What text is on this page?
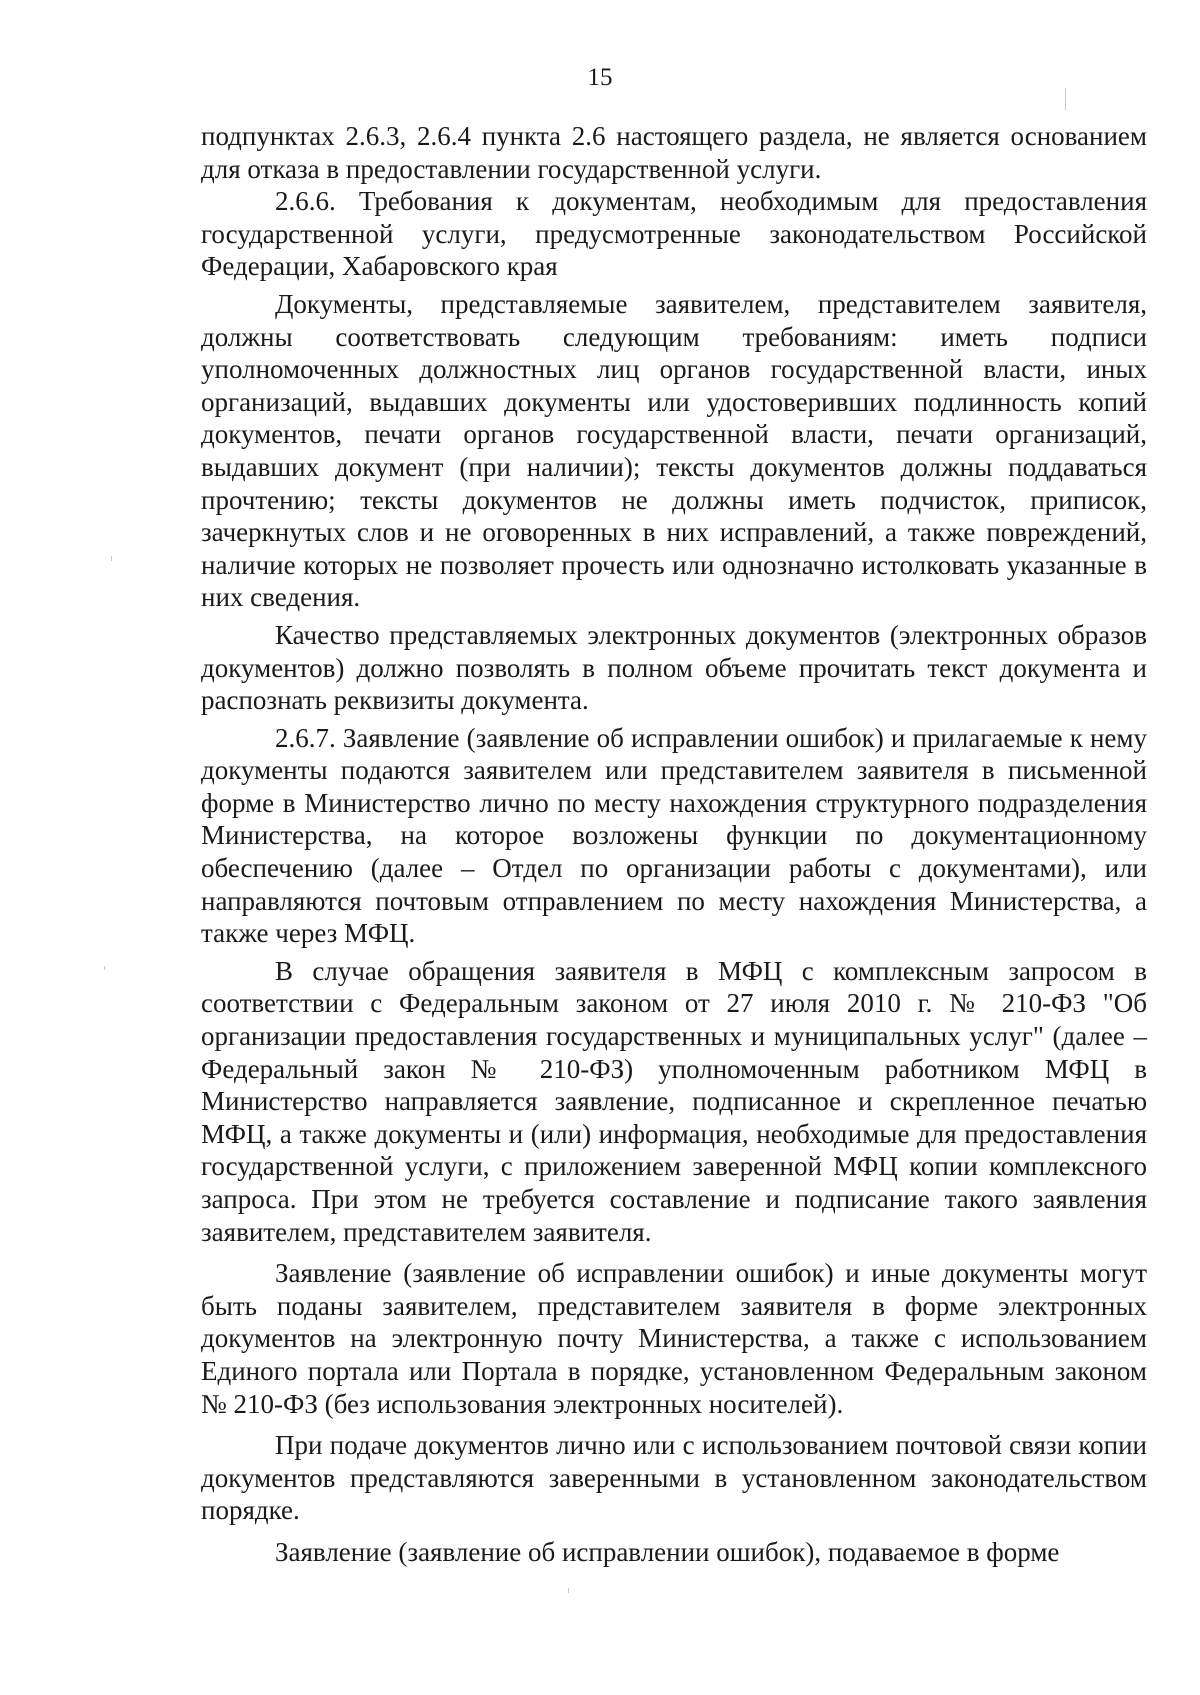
15

подпунктах 2.6.3, 2.6.4 пункта 2.6 настоящего раздела, не является основанием для отказа в предоставлении государственной услуги.

2.6.6. Требования к документам, необходимым для предоставления государственной услуги, предусмотренные законодательством Российской Федерации, Хабаровского края

Документы, представляемые заявителем, представителем заявителя, должны соответствовать следующим требованиям: иметь подписи уполномоченных должностных лиц органов государственной власти, иных организаций, выдавших документы или удостоверивших подлинность копий документов, печати органов государственной власти, печати организаций, выдавших документ (при наличии); тексты документов должны поддаваться прочтению; тексты документов не должны иметь подчисток, приписок, зачеркнутых слов и не оговоренных в них исправлений, а также повреждений, наличие которых не позволяет прочесть или однозначно истолковать указанные в них сведения.

Качество представляемых электронных документов (электронных образов документов) должно позволять в полном объеме прочитать текст документа и распознать реквизиты документа.

2.6.7. Заявление (заявление об исправлении ошибок) и прилагаемые к нему документы подаются заявителем или представителем заявителя в письменной форме в Министерство лично по месту нахождения структурного подразделения Министерства, на которое возложены функции по документационному обеспечению (далее – Отдел по организации работы с документами), или направляются почтовым отправлением по месту нахождения Министерства, а также через МФЦ.

В случае обращения заявителя в МФЦ с комплексным запросом в соответствии с Федеральным законом от 27 июля 2010 г. № 210-ФЗ "Об организации предоставления государственных и муниципальных услуг" (далее – Федеральный закон № 210-ФЗ) уполномоченным работником МФЦ в Министерство направляется заявление, подписанное и скрепленное печатью МФЦ, а также документы и (или) информация, необходимые для предоставления государственной услуги, с приложением заверенной МФЦ копии комплексного запроса. При этом не требуется составление и подписание такого заявления заявителем, представителем заявителя.

Заявление (заявление об исправлении ошибок) и иные документы могут быть поданы заявителем, представителем заявителя в форме электронных документов на электронную почту Министерства, а также с использованием Единого портала или Портала в порядке, установленном Федеральным законом № 210-ФЗ (без использования электронных носителей).

При подаче документов лично или с использованием почтовой связи копии документов представляются заверенными в установленном законодательством порядке.

Заявление (заявление об исправлении ошибок), подаваемое в форме
